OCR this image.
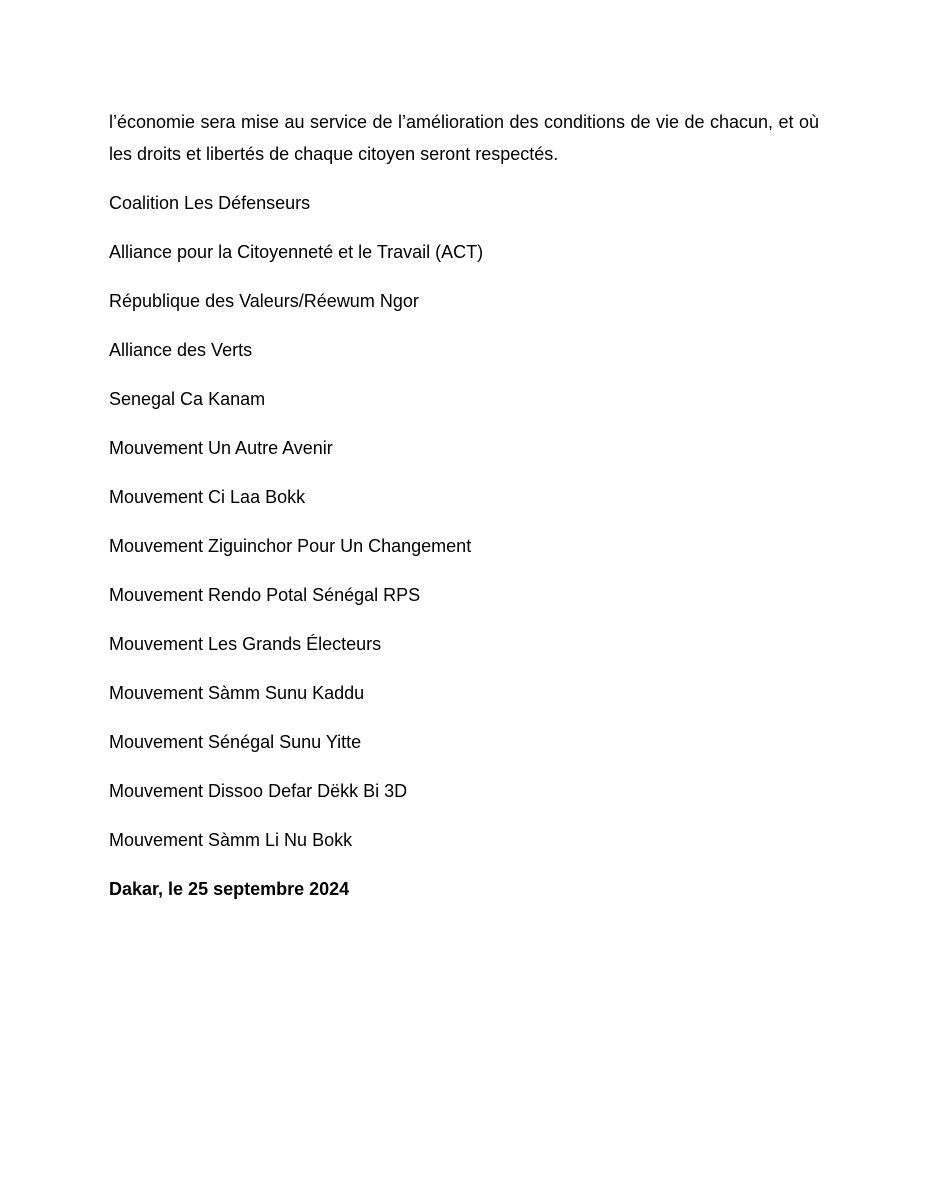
l’économie sera mise au service de l’amélioration des conditions de vie de chacun, et où les droits et libertés de chaque citoyen seront respectés.

Coalition Les Défenseurs
Alliance pour la Citoyenneté et le Travail (ACT)
République des Valeurs/Réewum Ngor
Alliance des Verts
Senegal Ca Kanam
Mouvement Un Autre Avenir
Mouvement Ci Laa Bokk
Mouvement Ziguinchor Pour Un Changement
Mouvement Rendo Potal Sénégal RPS
Mouvement Les Grands Électeurs
Mouvement Sàmm Sunu Kaddu
Mouvement Sénégal Sunu Yitte
Mouvement Dissoo Defar Dëkk Bi 3D
Mouvement Sàmm Li Nu Bokk

Dakar, le 25 septembre 2024
